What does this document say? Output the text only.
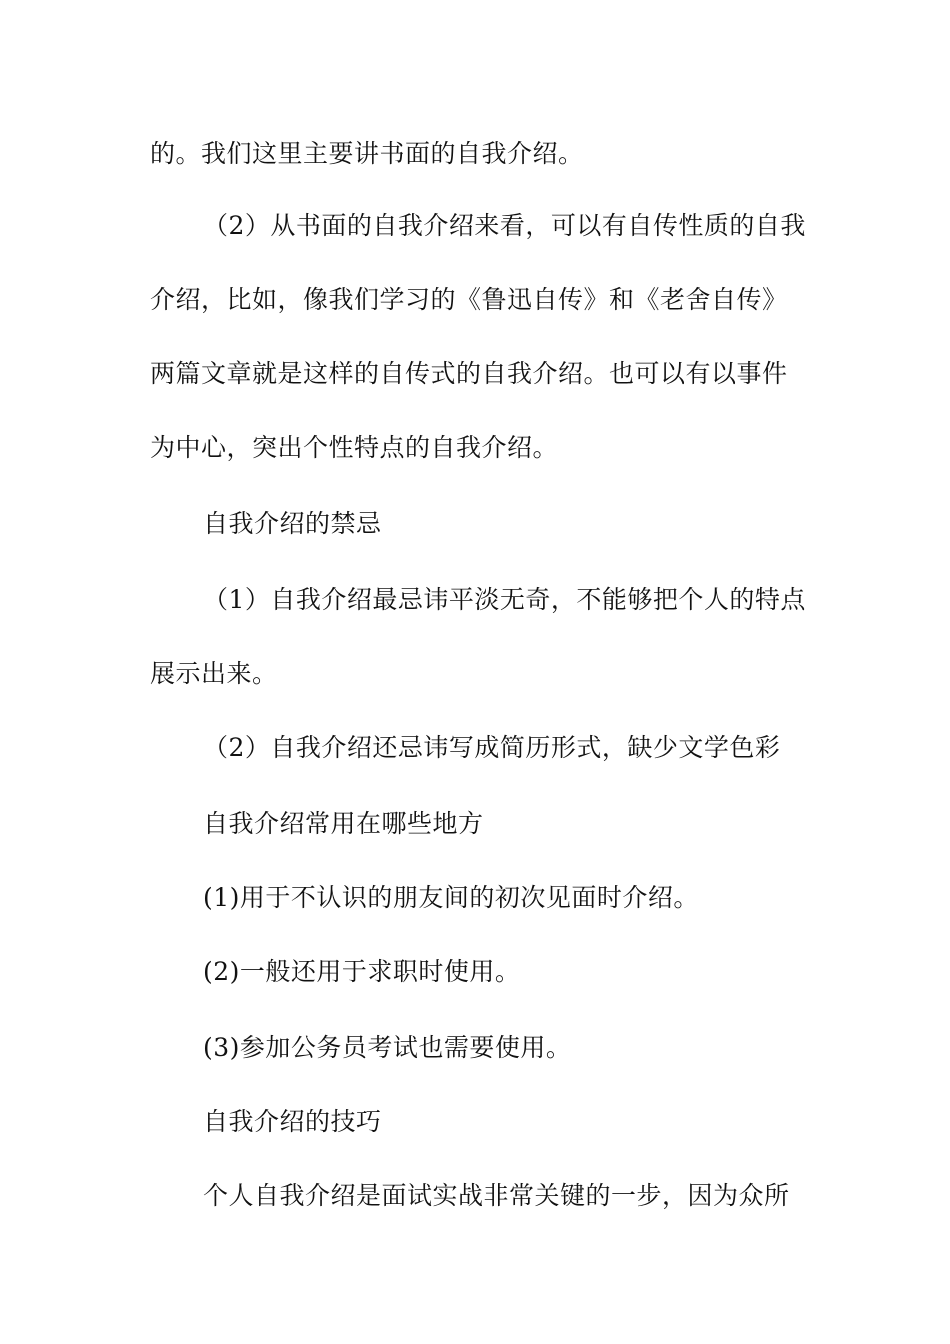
的。我们这里主要讲书面的自我介绍。
（2）从书面的自我介绍来看，可以有自传性质的自我
介绍，比如，像我们学习的《鲁迅自传》和《老舍自传》
两篇文章就是这样的自传式的自我介绍。也可以有以事件
为中心，突出个性特点的自我介绍。
自我介绍的禁忌
（1）自我介绍最忌讳平淡无奇，不能够把个人的特点
展示出来。
（2）自我介绍还忌讳写成简历形式，缺少文学色彩
自我介绍常用在哪些地方
(1)用于不认识的朋友间的初次见面时介绍。
(2)一般还用于求职时使用。
(3)参加公务员考试也需要使用。
自我介绍的技巧
个人自我介绍是面试实战非常关键的一步，因为众所
